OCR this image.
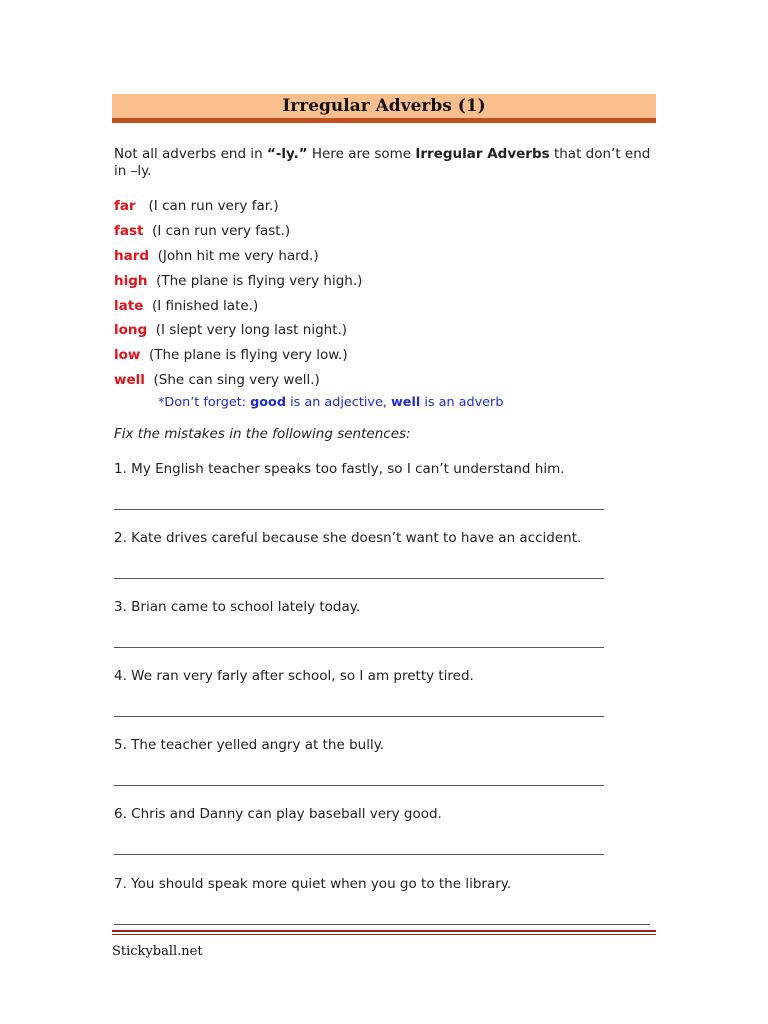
Irregular Adverbs (1)
Not all adverbs end in “-ly.” Here are some Irregular Adverbs that don’t end in –ly.
far (I can run very far.)
fast (I can run very fast.)
hard (John hit me very hard.)
high (The plane is flying very high.)
late (I finished late.)
long (I slept very long last night.)
low (The plane is flying very low.)
well (She can sing very well.)
*Don’t forget: good is an adjective, well is an adverb
Fix the mistakes in the following sentences:
1. My English teacher speaks too fastly, so I can’t understand him.
2. Kate drives careful because she doesn’t want to have an accident.
3. Brian came to school lately today.
4. We ran very farly after school, so I am pretty tired.
5. The teacher yelled angry at the bully.
6. Chris and Danny can play baseball very good.
7. You should speak more quiet when you go to the library.
Stickyball.net
